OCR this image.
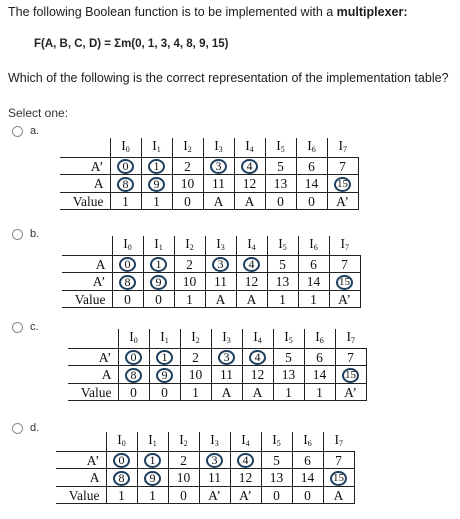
The following Boolean function is to be implemented with a multiplexer:
F(A, B, C, D) = Σm(0, 1, 3, 4, 8, 9, 15)
Which of the following is the correct representation of the implementation table?
Select one:
a.
	$I_0$	$I_1$	$I_2$	$I_3$	$I_4$	$I_5$	$I_6$	$I_7$
A’	0	1	2	3	4	5	6	7
A	8	9	10	11	12	13	14	15
Value	1	1	0	A	A	0	0	A’
b.
	$I_0$	$I_1$	$I_2$	$I_3$	$I_4$	$I_5$	$I_6$	$I_7$
A	0	1	2	3	4	5	6	7
A’	8	9	10	11	12	13	14	15
Value	0	0	1	A	A	1	1	A’
c.
	$I_0$	$I_1$	$I_2$	$I_3$	$I_4$	$I_5$	$I_6$	$I_7$
A’	0	1	2	3	4	5	6	7
A	8	9	10	11	12	13	14	15
Value	0	0	1	A	A	1	1	A’
d.
	$I_0$	$I_1$	$I_2$	$I_3$	$I_4$	$I_5$	$I_6$	$I_7$
A’	0	1	2	3	4	5	6	7
A	8	9	10	11	12	13	14	15
Value	1	1	0	A’	A’	0	0	A
